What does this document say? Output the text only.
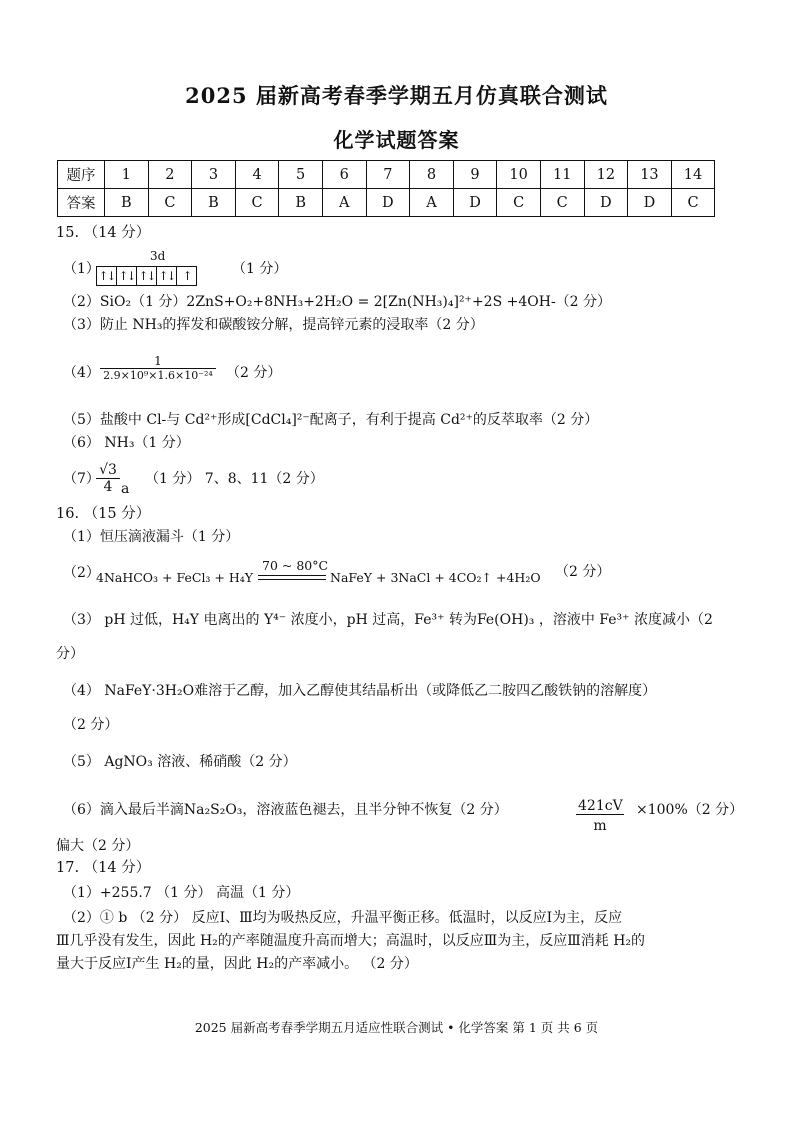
2025 届新高考春季学期五月仿真联合测试
化学试题答案
题序	1	2	3	4	5	6	7	8	9	10	11	12	13	14
答案	B	C	B	C	B	A	D	A	D	C	C	D	D	C
15. （14 分）
（1）
3d
↑↓ ↑↓ ↑↓ ↑↓ ↑	（1 分）
（2）SiO₂（1 分）2ZnS+O₂+8NH₃+2H₂O = 2[Zn(NH₃)₄]²⁺+2S +4OH-（2 分）
（3）防止 NH₃的挥发和碳酸铵分解，提高锌元素的浸取率（2 分）
$(4) \frac{1}{\text{2.9×10⁹×1.6×10⁻²⁴}} (2$ 分）
（5）盐酸中 Cl-与 Cd²⁺形成[CdCl₄]²⁻配离子，有利于提高 Cd²⁺的反萃取率（2 分）
（6） NH₃（1 分）
（7）
$\frac{√3}{4}$ a
（1 分） 7、8、11（2 分）
16. （15 分）
（1）恒压滴液漏斗（1 分）
（2）
4NaHCO₃ + FeCl₃ + H₄Y
70 ~ 80°C
NaFeY + 3NaCl + 4CO₂↑ +4H₂O （2 分）
（3） pH 过低，H₄Y 电离出的 Y⁴⁻ 浓度小，pH 过高，Fe³⁺ 转为Fe(OH)₃ ，溶液中 Fe³⁺ 浓度减小（2
分）
（4） NaFeY·3H₂O难溶于乙醇，加入乙醇使其结晶析出（或降低乙二胺四乙酸铁钠的溶解度）
（2 分）
（5） AgNO₃ 溶液、稀硝酸（2 分）
（6）滴入最后半滴Na₂S₂O₃，溶液蓝色褪去，且半分钟不恢复（2 分）	$\frac{421cV}{m} \times 100\%(2$ 分）
偏大（2 分）
17. （14 分）
（1）+255.7 （1 分） 高温（1 分）
（2）① b （2 分） 反应Ⅰ、Ⅲ均为吸热反应，升温平衡正移。低温时，以反应Ⅰ为主，反应
Ⅲ几乎没有发生，因此 H₂的产率随温度升高而增大；高温时，以反应Ⅲ为主，反应Ⅲ消耗 H₂的
量大于反应Ⅰ产生 H₂的量，因此 H₂的产率减小。 （2 分）
2025 届新高考春季学期五月适应性联合测试 • 化学答案 第 1 页 共 6 页
